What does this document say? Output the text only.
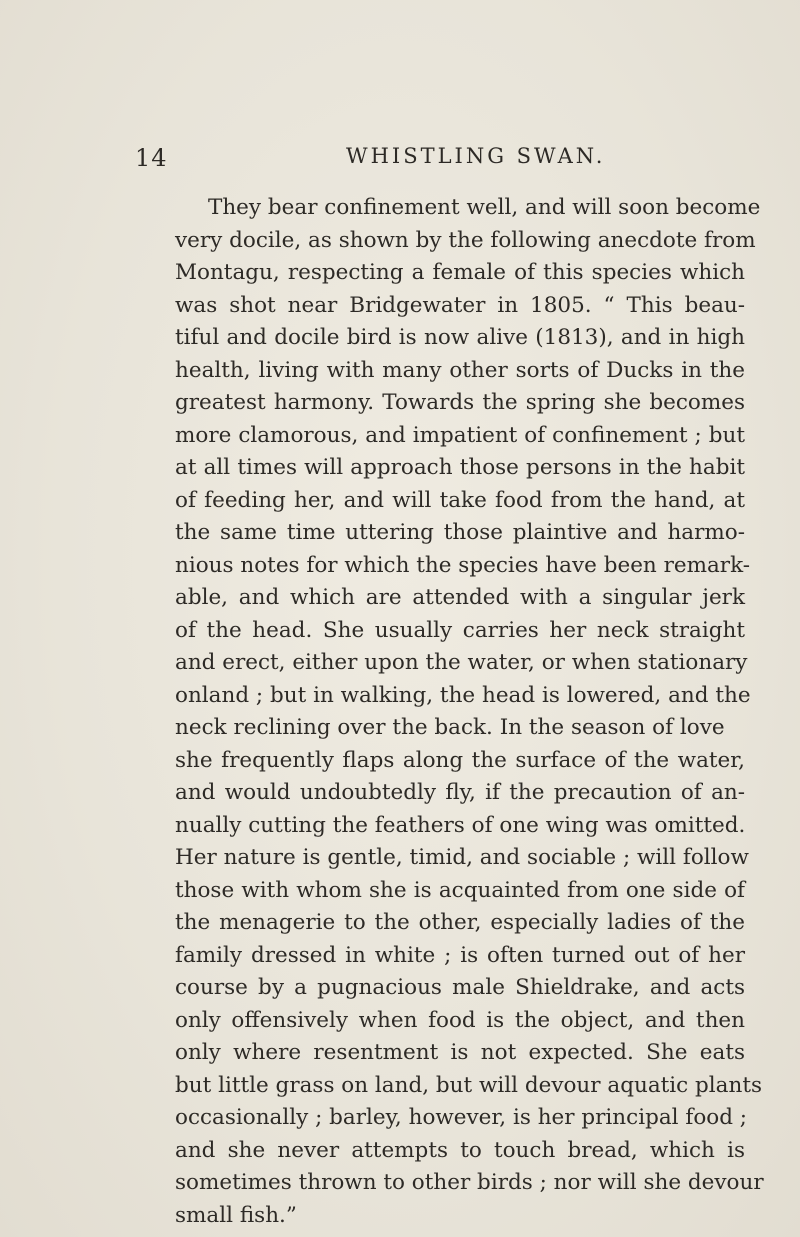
14	WHISTLING SWAN.
They bear confinement well, and will soon become
very docile, as shown by the following anecdote from
Montagu, respecting a female of this species which
was shot near Bridgewater in 1805. “ This beau-
tiful and docile bird is now alive (1813), and in high
health, living with many other sorts of Ducks in the
greatest harmony. Towards the spring she becomes
more clamorous, and impatient of confinement ; but
at all times will approach those persons in the habit
of feeding her, and will take food from the hand, at
the same time uttering those plaintive and harmo-
nious notes for which the species have been remark-
able, and which are attended with a singular jerk
of the head. She usually carries her neck straight
and erect, either upon the water, or when stationary
onland ; but in walking, the head is lowered, and the
neck reclining over the back. In the season of love
she frequently flaps along the surface of the water,
and would undoubtedly fly, if the precaution of an-
nually cutting the feathers of one wing was omitted.
Her nature is gentle, timid, and sociable ; will follow
those with whom she is acquainted from one side of
the menagerie to the other, especially ladies of the
family dressed in white ; is often turned out of her
course by a pugnacious male Shieldrake, and acts
only offensively when food is the object, and then
only where resentment is not expected. She eats
but little grass on land, but will devour aquatic plants
occasionally ; barley, however, is her principal food ;
and she never attempts to touch bread, which is
sometimes thrown to other birds ; nor will she devour
small fish.”
